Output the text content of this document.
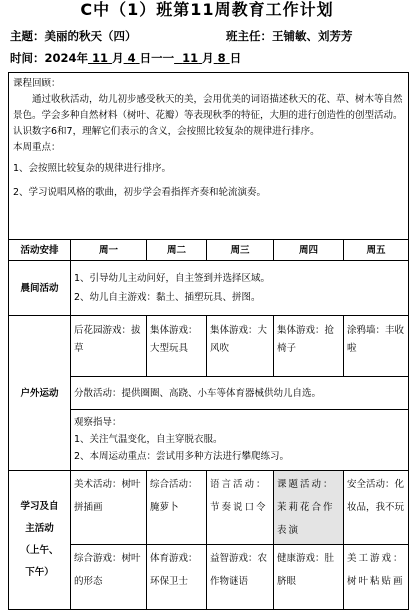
C中（1）班第11周教育工作计划
主题：美丽的秋天（四）	班主任：王铺敏、刘芳芳
时间：2024年 11 月 4 日一一 11 月 8 日
课程回顾：
通过收秋活动，幼儿初步感受秋天的美，会用优美的词语描述秋天的花、草、树木等自然景色。学会多种自然材料（树叶、花瓣）等表现秋季的特征，大胆的进行创造性的创型活动。认识数字6和7，理解它们表示的含义，会按照比较复杂的规律进行排序。
本周重点：
1、会按照比较复杂的规律进行排序。
2、学习说唱风格的歌曲，初步学会看指挥齐奏和轮流演奏。					

活动安排	周一	周二	周三	周四	周五
晨间活动	1、引导幼儿主动问好，自主签到并选择区域。
2、幼儿自主游戏：黏土、插塑玩具、拼图。				

户外运动	后花园游戏：拔草	集体游戏：大型玩具	集体游戏：大风吹	集体游戏：抢椅子	涂鸦墙：丰收啦
	分散活动：提供圈圈、高跷、小车等体育器械供幼儿自选。				

	观察指导：
1、关注气温变化，自主穿脱衣服。
2、本周运动重点：尝试用多种方法进行攀爬练习。				

学习及自
主活动
（上午、
下午）	美术活动：树叶拼插画	综合活动：腌萝卜	语言活动：节奏说口令	课题活动：茉莉花合作表演	安全活动：化妆品，我不玩
	综合游戏：树叶的形态	体育游戏：环保卫士	益智游戏：农作物谜语	健康游戏：肚脐眼	美工游戏：树叶粘贴画
